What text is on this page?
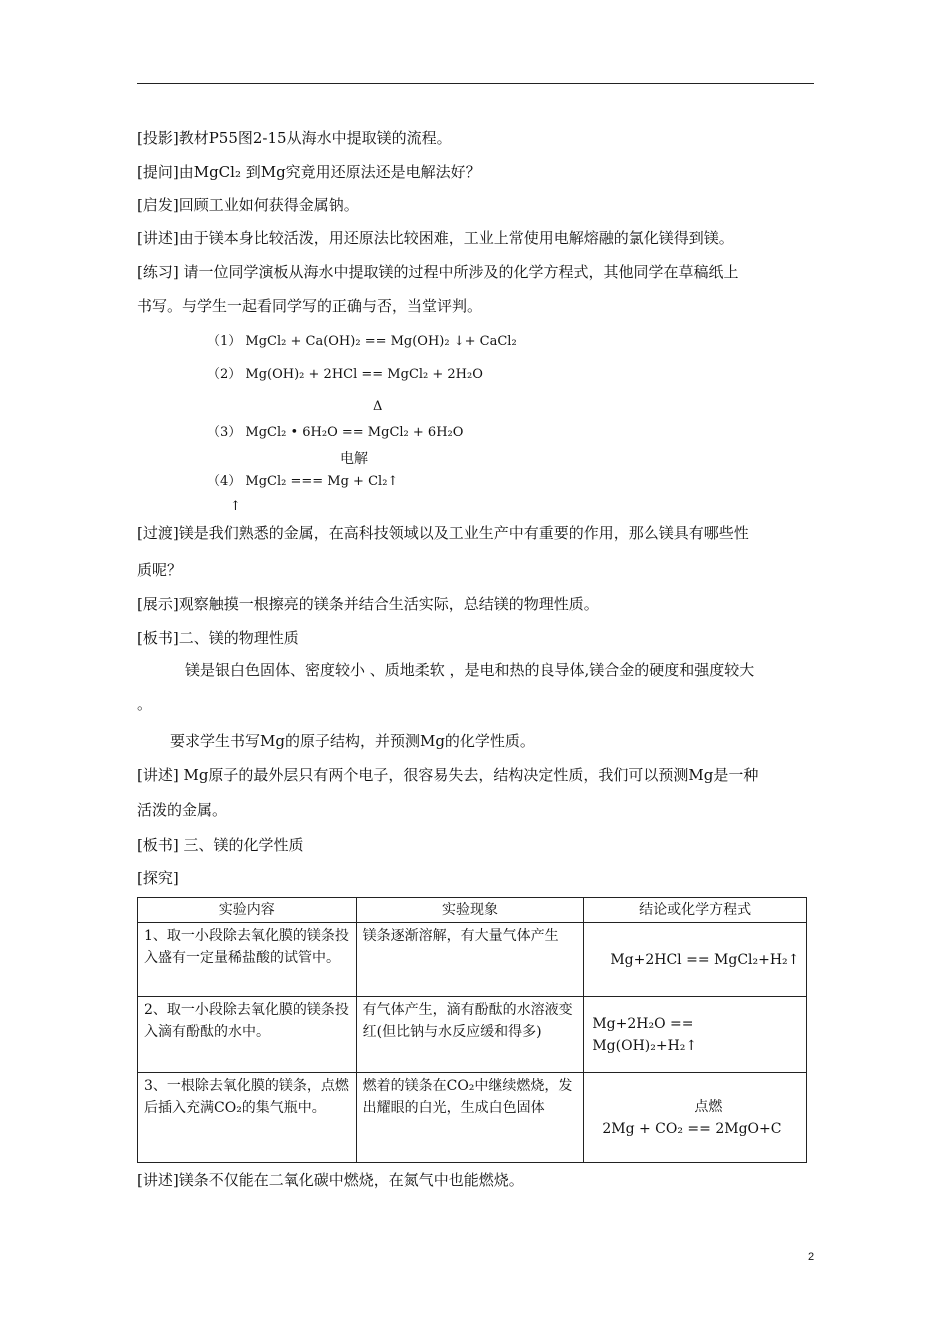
[投影]教材P55图2-15从海水中提取镁的流程。
[提问]由MgCl₂ 到Mg究竟用还原法还是电解法好？
[启发]回顾工业如何获得金属钠。
[讲述]由于镁本身比较活泼，用还原法比较困难，工业上常使用电解熔融的氯化镁得到镁。
[练习] 请一位同学演板从海水中提取镁的过程中所涉及的化学方程式，其他同学在草稿纸上
书写。与学生一起看同学写的正确与否，当堂评判。
（1） MgCl₂ + Ca(OH)₂ == Mg(OH)₂ ↓+ CaCl₂
（2） Mg(OH)₂ + 2HCl == MgCl₂ + 2H₂O
Δ
（3） MgCl₂ • 6H₂O == MgCl₂ + 6H₂O
电解
（4） MgCl₂ === Mg + Cl₂↑
↑
[过渡]镁是我们熟悉的金属，在高科技领域以及工业生产中有重要的作用，那么镁具有哪些性
质呢？
[展示]观察触摸一根擦亮的镁条并结合生活实际，总结镁的物理性质。
[板书]二、镁的物理性质
镁是银白色固体、密度较小 、质地柔软 ，是电和热的良导体,镁合金的硬度和强度较大
。
要求学生书写Mg的原子结构，并预测Mg的化学性质。
[讲述] Mg原子的最外层只有两个电子，很容易失去，结构决定性质，我们可以预测Mg是一种
活泼的金属。
[板书] 三、镁的化学性质
[探究]
实验内容	实验现象	结论或化学方程式
1、取一小段除去氧化膜的镁条投入盛有一定量稀盐酸的试管中。	镁条逐渐溶解，有大量气体产生	Mg+2HCl == MgCl₂+H₂↑
2、取一小段除去氧化膜的镁条投入滴有酚酞的水中。	有气体产生，滴有酚酞的水溶液变红(但比钠与水反应缓和得多)	Mg+2H₂O == Mg(OH)₂+H₂↑
3、一根除去氧化膜的镁条，点燃后插入充满CO₂的集气瓶中。	燃着的镁条在CO₂中继续燃烧，发出耀眼的白光，生成白色固体	点燃
2Mg + CO₂ == 2MgO+C
[讲述]镁条不仅能在二氧化碳中燃烧，在氮气中也能燃烧。
2
